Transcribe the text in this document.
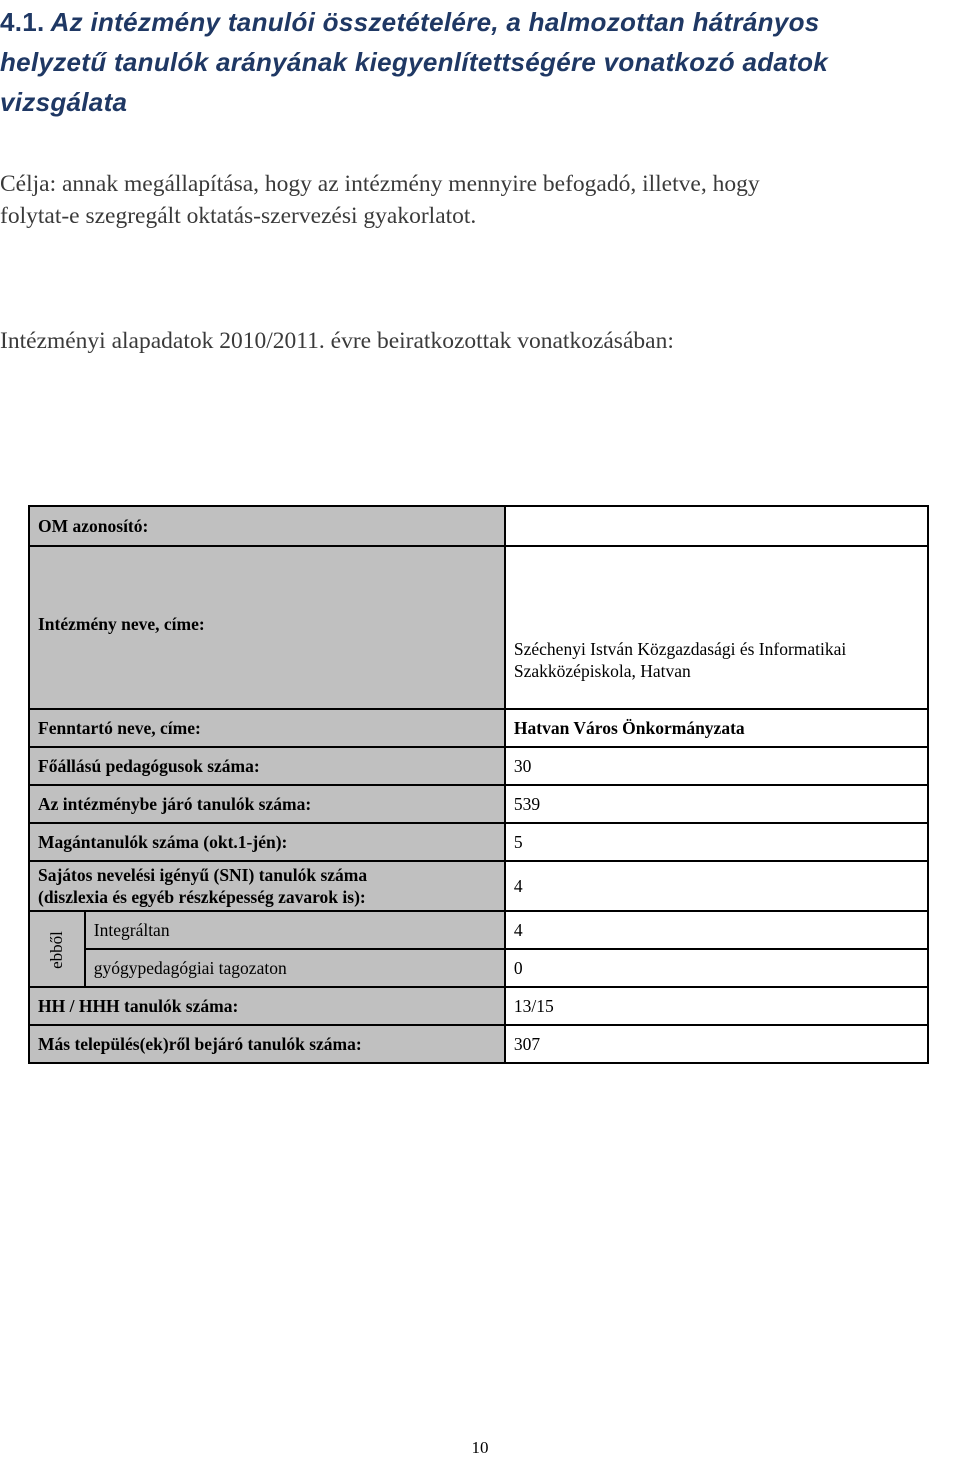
4.1. Az intézmény tanulói összetételére, a halmozottan hátrányos
helyzetű tanulók arányának kiegyenlítettségére vonatkozó adatok
vizsgálata
Célja: annak megállapítása, hogy az intézmény mennyire befogadó, illetve, hogy
folytat-e szegregált oktatás-szervezési gyakorlatot.
Intézményi alapadatok 2010/2011. évre beiratkozottak vonatkozásában:
OM azonosító:		
Intézmény neve, címe:		Széchenyi István Közgazdasági és Informatikai
Szakközépiskola, Hatvan

Fenntartó neve, címe:		Hatvan Város Önkormányzata
Főállású pedagógusok száma:		30
Az intézménybe járó tanulók száma:		539
Magántanulók száma (okt.1-jén):		5

Sajátos nevelési igényű (SNI) tanulók száma
(diszlexia és egyéb részképesség zavarok is):		4
ebből	Integráltan	4
	gyógypedagógiai tagozaton	0
HH / HHH tanulók száma:		13/15
Más település(ek)ről bejáró tanulók száma:		307
10
